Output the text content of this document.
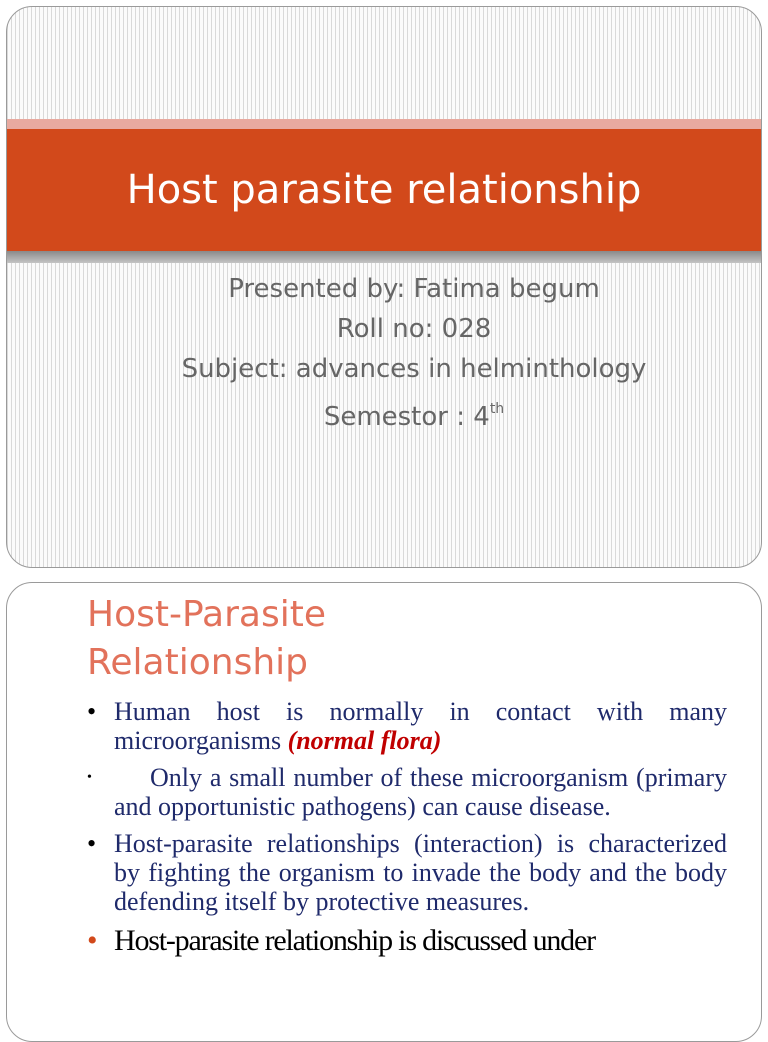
Host parasite relationship

Presented by: Fatima begum

Roll no: 028

Subject: advances in helminthology

Semestor : 4th

Host-Parasite Relationship
• Human host is normally in contact with many microorganisms (normal flora)
•	Only a small number of these microorganism (primary and opportunistic pathogens) can cause disease.
• Host-parasite relationships (interaction) is characterized by fighting the organism to invade the body and the body defending itself by protective measures.
• Host-parasite relationship is discussed under
